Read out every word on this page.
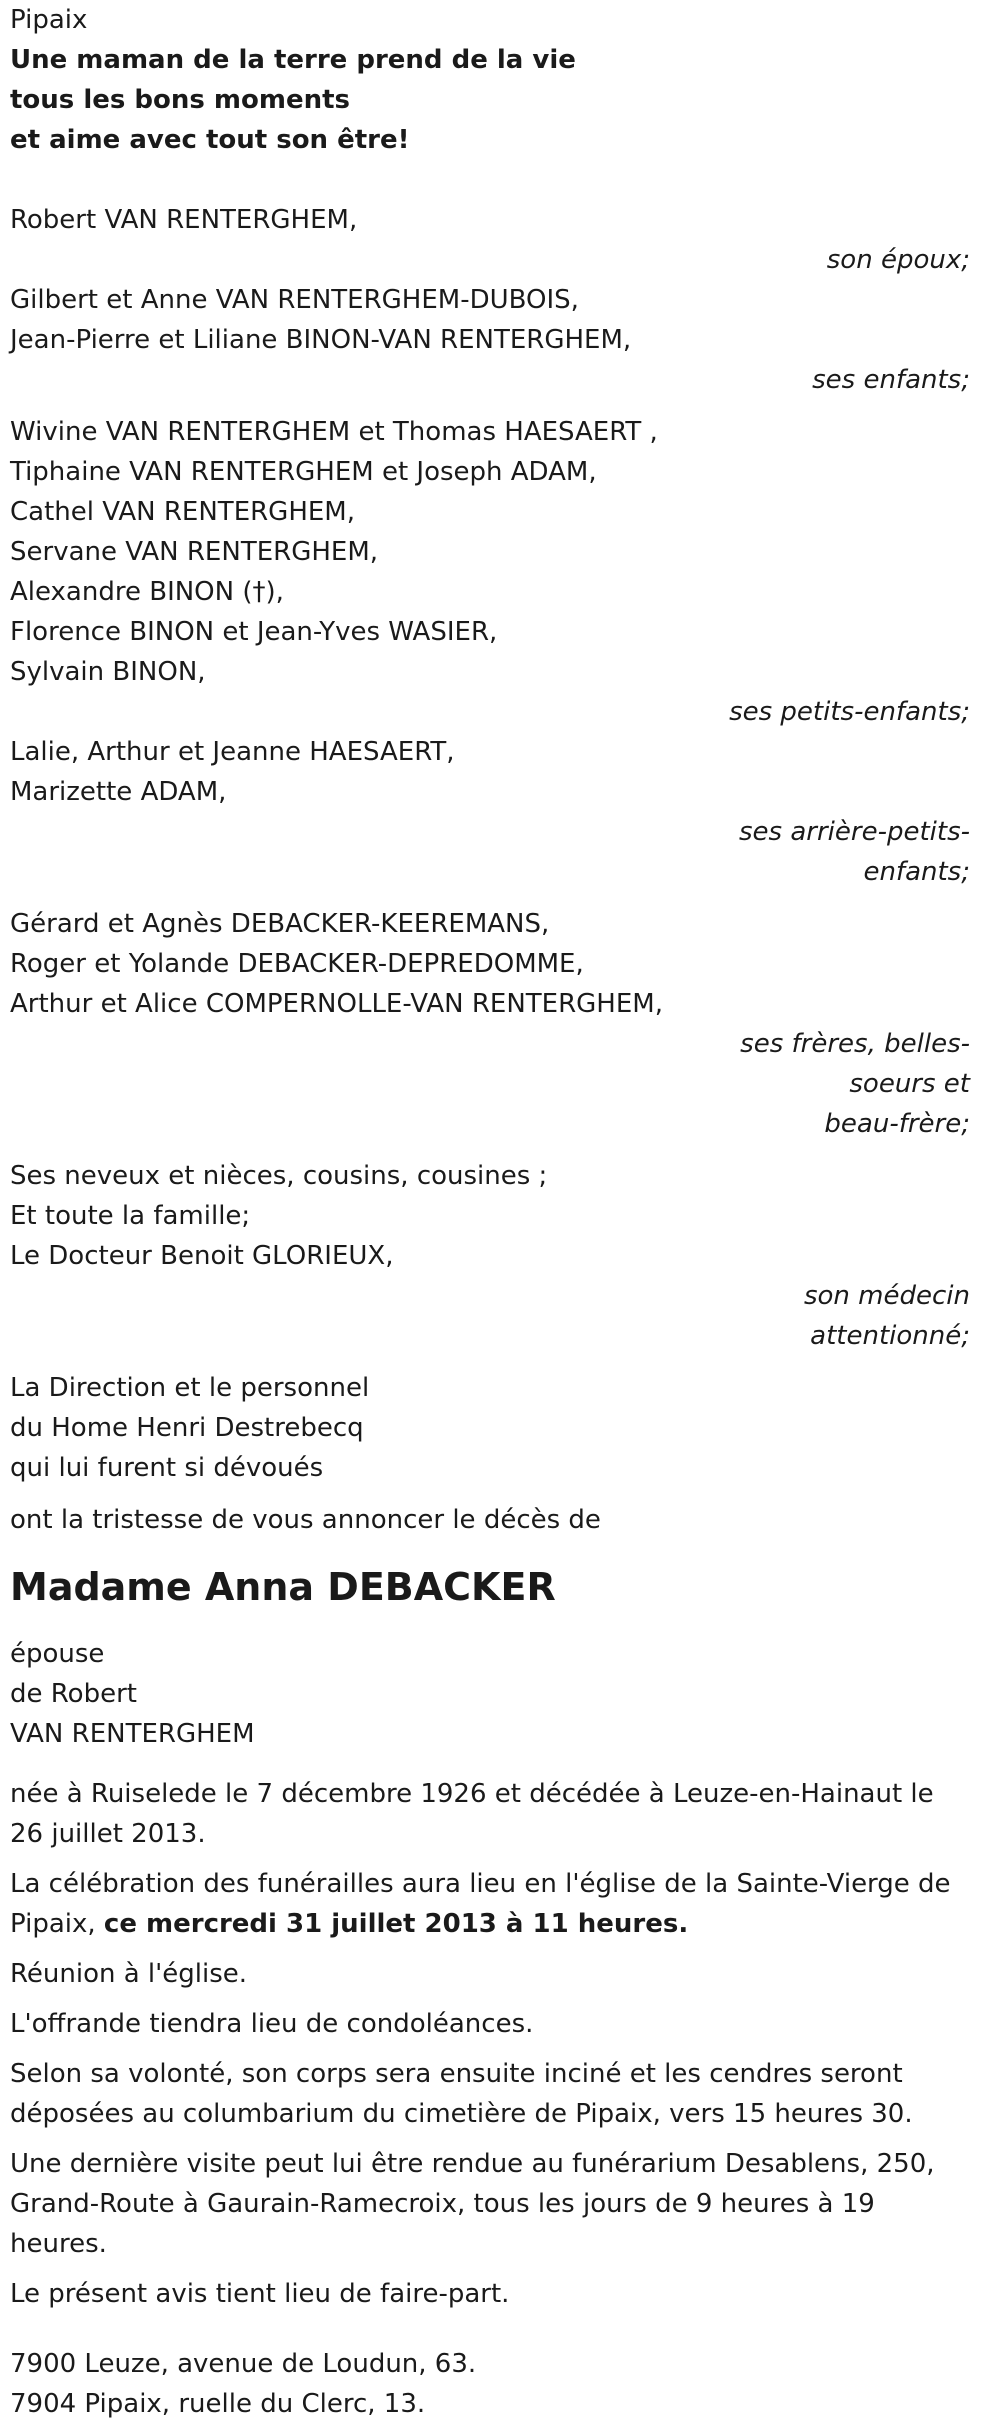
Pipaix
Une maman de la terre prend de la vie
tous les bons moments
et aime avec tout son être!
Robert VAN RENTERGHEM,
son époux;
Gilbert et Anne VAN RENTERGHEM-DUBOIS,
Jean-Pierre et Liliane BINON-VAN RENTERGHEM,
ses enfants;
Wivine VAN RENTERGHEM et Thomas HAESAERT ,
Tiphaine VAN RENTERGHEM et Joseph ADAM,
Cathel VAN RENTERGHEM,
Servane VAN RENTERGHEM,
Alexandre BINON (†),
Florence BINON et Jean-Yves WASIER,
Sylvain BINON,
ses petits-enfants;
Lalie, Arthur et Jeanne HAESAERT,
Marizette ADAM,
ses arrière-petits-
enfants;
Gérard et Agnès DEBACKER-KEEREMANS,
Roger et Yolande DEBACKER-DEPREDOMME,
Arthur et Alice COMPERNOLLE-VAN RENTERGHEM,
ses frères, belles-
soeurs et
beau-frère;
Ses neveux et nièces, cousins, cousines ;
Et toute la famille;
Le Docteur Benoit GLORIEUX,
son médecin
attentionné;
La Direction et le personnel
du Home Henri Destrebecq
qui lui furent si dévoués
ont la tristesse de vous annoncer le décès de
Madame Anna DEBACKER
épouse
de Robert
VAN RENTERGHEM
née à Ruiselede le 7 décembre 1926 et décédée à Leuze-en-Hainaut le 26 juillet 2013.
La célébration des funérailles aura lieu en l'église de la Sainte-Vierge de Pipaix, ce mercredi 31 juillet 2013 à 11 heures.
Réunion à l'église.
L'offrande tiendra lieu de condoléances.
Selon sa volonté, son corps sera ensuite inciné et les cendres seront déposées au columbarium du cimetière de Pipaix, vers 15 heures 30.
Une dernière visite peut lui être rendue au funérarium Desablens, 250, Grand-Route à Gaurain-Ramecroix, tous les jours de 9 heures à 19 heures.
Le présent avis tient lieu de faire-part.
7900 Leuze, avenue de Loudun, 63.
7904 Pipaix, ruelle du Clerc, 13.
